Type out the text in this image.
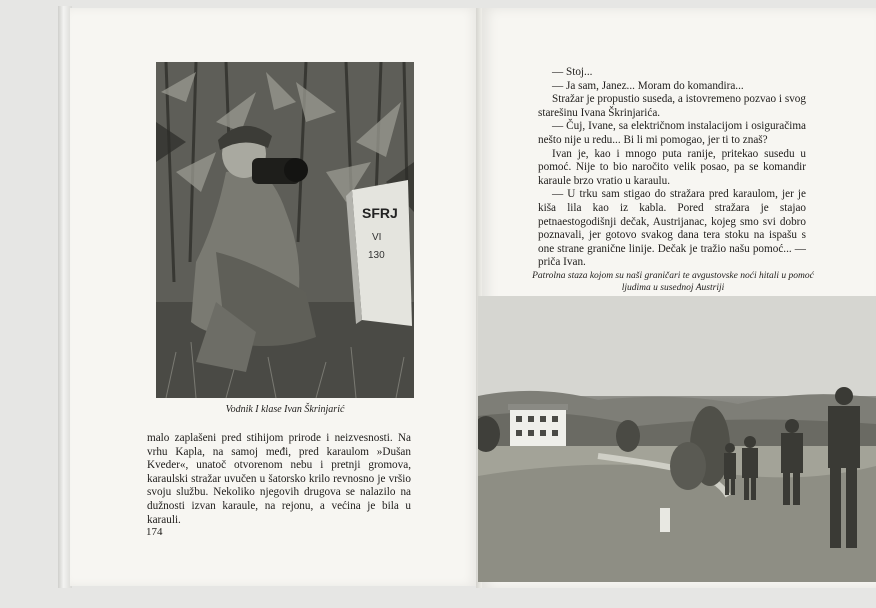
SFRJ
VI
130
Vodnik I klase Ivan Škrinjarić
malo zaplašeni pred stihijom prirode i neizvesnosti. Na vrhu Kapla, na samoj međi, pred karaulom »Dušan Kveder«, unatoč otvorenom nebu i pretnji gromova, karaulski stražar uvučen u šatorsko krilo revnosno je vršio svoju službu. Nekoliko njegovih drugova se nalazilo na dužnosti izvan karaule, na rejonu, a većina je bila u karauli.
174

— Stoj...

— Ja sam, Janez... Moram do komandira...

Stražar je propustio suseda, a istovremeno pozvao i svog starešinu Ivana Škrinjarića.

— Čuj, Ivane, sa električnom instalacijom i osiguračima nešto nije u redu... Bi li mi pomogao, jer ti to znaš?

Ivan je, kao i mnogo puta ranije, pritekao susedu u pomoć. Nije to bio naročito velik posao, pa se komandir karaule brzo vratio u karaulu.

— U trku sam stigao do stražara pred karaulom, jer je kiša lila kao iz kabla. Pored stražara je stajao petnaestogodišnji dečak, Austrijanac, kojeg smo svi dobro poznavali, jer gotovo svakog dana tera stoku na ispašu s one strane granične linije. Dečak je tražio našu pomoć... — priča Ivan.

Patrolna staza kojom su naši graničari te avgustovske noći hitali u pomoć ljudima u susednoj Austriji
